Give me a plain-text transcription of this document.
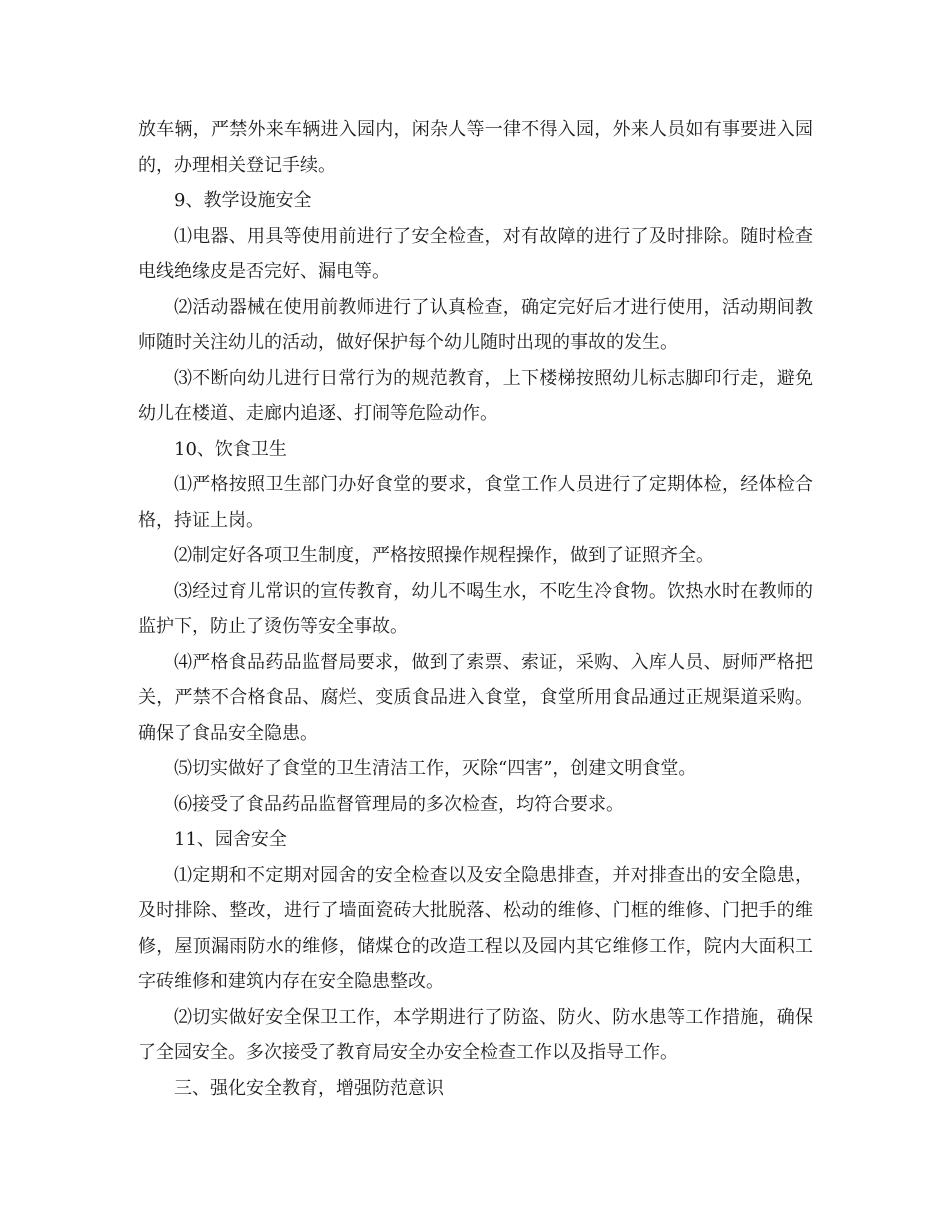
放车辆，严禁外来车辆进入园内，闲杂人等一律不得入园，外来人员如有事要进入园的，办理相关登记手续。

9、教学设施安全

⑴电器、用具等使用前进行了安全检查，对有故障的进行了及时排除。随时检查电线绝缘皮是否完好、漏电等。

⑵活动器械在使用前教师进行了认真检查，确定完好后才进行使用，活动期间教师随时关注幼儿的活动，做好保护每个幼儿随时出现的事故的发生。

⑶不断向幼儿进行日常行为的规范教育，上下楼梯按照幼儿标志脚印行走，避免幼儿在楼道、走廊内追逐、打闹等危险动作。

10、饮食卫生

⑴严格按照卫生部门办好食堂的要求，食堂工作人员进行了定期体检，经体检合格，持证上岗。

⑵制定好各项卫生制度，严格按照操作规程操作，做到了证照齐全。

⑶经过育儿常识的宣传教育，幼儿不喝生水，不吃生冷食物。饮热水时在教师的监护下，防止了烫伤等安全事故。

⑷严格食品药品监督局要求，做到了索票、索证，采购、入库人员、厨师严格把关，严禁不合格食品、腐烂、变质食品进入食堂，食堂所用食品通过正规渠道采购。确保了食品安全隐患。

⑸切实做好了食堂的卫生清洁工作，灭除“四害”，创建文明食堂。

⑹接受了食品药品监督管理局的多次检查，均符合要求。

11、园舍安全

⑴定期和不定期对园舍的安全检查以及安全隐患排查，并对排查出的安全隐患，及时排除、整改，进行了墙面瓷砖大批脱落、松动的维修、门框的维修、门把手的维修，屋顶漏雨防水的维修，储煤仓的改造工程以及园内其它维修工作，院内大面积工字砖维修和建筑内存在安全隐患整改。

⑵切实做好安全保卫工作，本学期进行了防盗、防火、防水患等工作措施，确保了全园安全。多次接受了教育局安全办安全检查工作以及指导工作。

三、强化安全教育，增强防范意识
